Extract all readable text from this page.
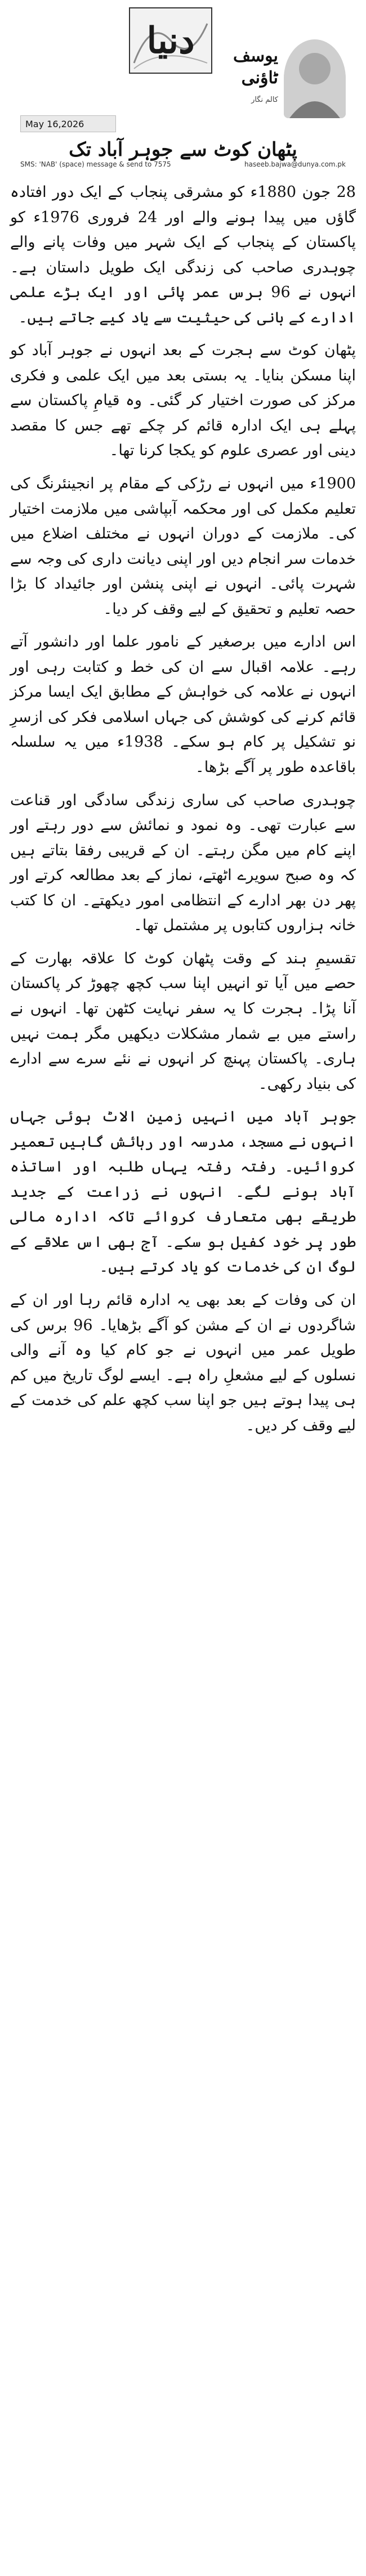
دنیا	یوسف
ٹاؤنی
کالم نگار
May 16,2026
پٹھان کوٹ سے جوہر آباد تک
SMS: 'NAB' (space) message & send to 7575	haseeb.bajwa@dunya.com.pk

28 جون 1880ء کو مشرقی پنجاب کے ایک دور افتادہ گاؤں میں پیدا ہونے والے اور 24 فروری 1976ء کو پاکستان کے پنجاب کے ایک شہر میں وفات پانے والے چوہدری صاحب کی زندگی ایک طویل داستان ہے۔ انہوں نے 96 برس عمر پائی اور ایک بڑے علمی ادارے کے بانی کی حیثیت سے یاد کیے جاتے ہیں۔

پٹھان کوٹ سے ہجرت کے بعد انہوں نے جوہر آباد کو اپنا مسکن بنایا۔ یہ بستی بعد میں ایک علمی و فکری مرکز کی صورت اختیار کر گئی۔ وہ قیامِ پاکستان سے پہلے ہی ایک ادارہ قائم کر چکے تھے جس کا مقصد دینی اور عصری علوم کو یکجا کرنا تھا۔

1900ء میں انہوں نے رڑکی کے مقام پر انجینئرنگ کی تعلیم مکمل کی اور محکمہ آبپاشی میں ملازمت اختیار کی۔ ملازمت کے دوران انہوں نے مختلف اضلاع میں خدمات سر انجام دیں اور اپنی دیانت داری کی وجہ سے شہرت پائی۔ انہوں نے اپنی پنشن اور جائیداد کا بڑا حصہ تعلیم و تحقیق کے لیے وقف کر دیا۔

اس ادارے میں برصغیر کے نامور علما اور دانشور آتے رہے۔ علامہ اقبال سے ان کی خط و کتابت رہی اور انہوں نے علامہ کی خواہش کے مطابق ایک ایسا مرکز قائم کرنے کی کوشش کی جہاں اسلامی فکر کی ازسرِ نو تشکیل پر کام ہو سکے۔ 1938ء میں یہ سلسلہ باقاعدہ طور پر آگے بڑھا۔

چوہدری صاحب کی ساری زندگی سادگی اور قناعت سے عبارت تھی۔ وہ نمود و نمائش سے دور رہتے اور اپنے کام میں مگن رہتے۔ ان کے قریبی رفقا بتاتے ہیں کہ وہ صبح سویرے اٹھتے، نماز کے بعد مطالعہ کرتے اور پھر دن بھر ادارے کے انتظامی امور دیکھتے۔ ان کا کتب خانہ ہزاروں کتابوں پر مشتمل تھا۔

تقسیمِ ہند کے وقت پٹھان کوٹ کا علاقہ بھارت کے حصے میں آیا تو انہیں اپنا سب کچھ چھوڑ کر پاکستان آنا پڑا۔ ہجرت کا یہ سفر نہایت کٹھن تھا۔ انہوں نے راستے میں بے شمار مشکلات دیکھیں مگر ہمت نہیں ہاری۔ پاکستان پہنچ کر انہوں نے نئے سرے سے ادارے کی بنیاد رکھی۔

جوہر آباد میں انہیں زمین الاٹ ہوئی جہاں انہوں نے مسجد، مدرسہ اور رہائش گاہیں تعمیر کروائیں۔ رفتہ رفتہ یہاں طلبہ اور اساتذہ آباد ہونے لگے۔ انہوں نے زراعت کے جدید طریقے بھی متعارف کروائے تاکہ ادارہ مالی طور پر خود کفیل ہو سکے۔ آج بھی اس علاقے کے لوگ ان کی خدمات کو یاد کرتے ہیں۔

ان کی وفات کے بعد بھی یہ ادارہ قائم رہا اور ان کے شاگردوں نے ان کے مشن کو آگے بڑھایا۔ 96 برس کی طویل عمر میں انہوں نے جو کام کیا وہ آنے والی نسلوں کے لیے مشعلِ راہ ہے۔ ایسے لوگ تاریخ میں کم ہی پیدا ہوتے ہیں جو اپنا سب کچھ علم کی خدمت کے لیے وقف کر دیں۔
